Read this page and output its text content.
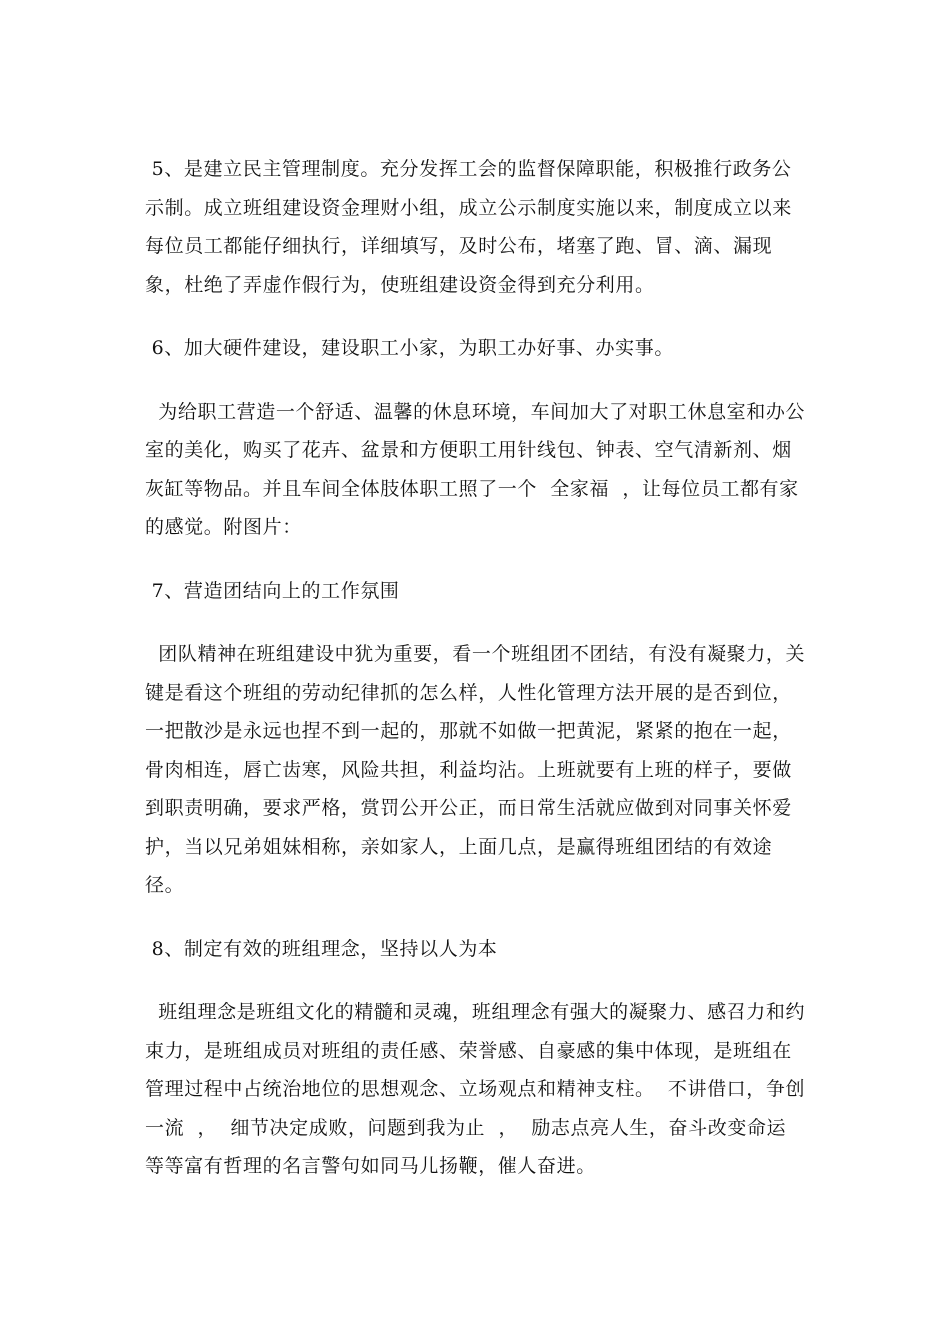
5、是建立民主管理制度。充分发挥工会的监督保障职能，积极推行政务公示制。成立班组建设资金理财小组，成立公示制度实施以来，制度成立以来每位员工都能仔细执行，详细填写，及时公布，堵塞了跑、冒、滴、漏现象，杜绝了弄虚作假行为，使班组建设资金得到充分利用。

6、加大硬件建设，建设职工小家，为职工办好事、办实事。

为给职工营造一个舒适、温馨的休息环境，车间加大了对职工休息室和办公室的美化，购买了花卉、盆景和方便职工用针线包、钟表、空气清新剂、烟灰缸等物品。并且车间全体肢体职工照了一个  全家福  ，让每位员工都有家的感觉。附图片：

7、营造团结向上的工作氛围

团队精神在班组建设中犹为重要，看一个班组团不团结，有没有凝聚力，关键是看这个班组的劳动纪律抓的怎么样，人性化管理方法开展的是否到位，一把散沙是永远也捏不到一起的，那就不如做一把黄泥，紧紧的抱在一起，骨肉相连，唇亡齿寒，风险共担，利益均沾。上班就要有上班的样子，要做到职责明确，要求严格，赏罚公开公正，而日常生活就应做到对同事关怀爱护，当以兄弟姐妹相称，亲如家人，上面几点，是赢得班组团结的有效途径。

8、制定有效的班组理念，坚持以人为本

班组理念是班组文化的精髓和灵魂，班组理念有强大的凝聚力、感召力和约束力，是班组成员对班组的责任感、荣誉感、自豪感的集中体现，是班组在管理过程中占统治地位的思想观念、立场观点和精神支柱。  不讲借口，争创一流  ，  细节决定成败，问题到我为止  ，  励志点亮人生，奋斗改变命运  等等富有哲理的名言警句如同马儿扬鞭，催人奋进。
